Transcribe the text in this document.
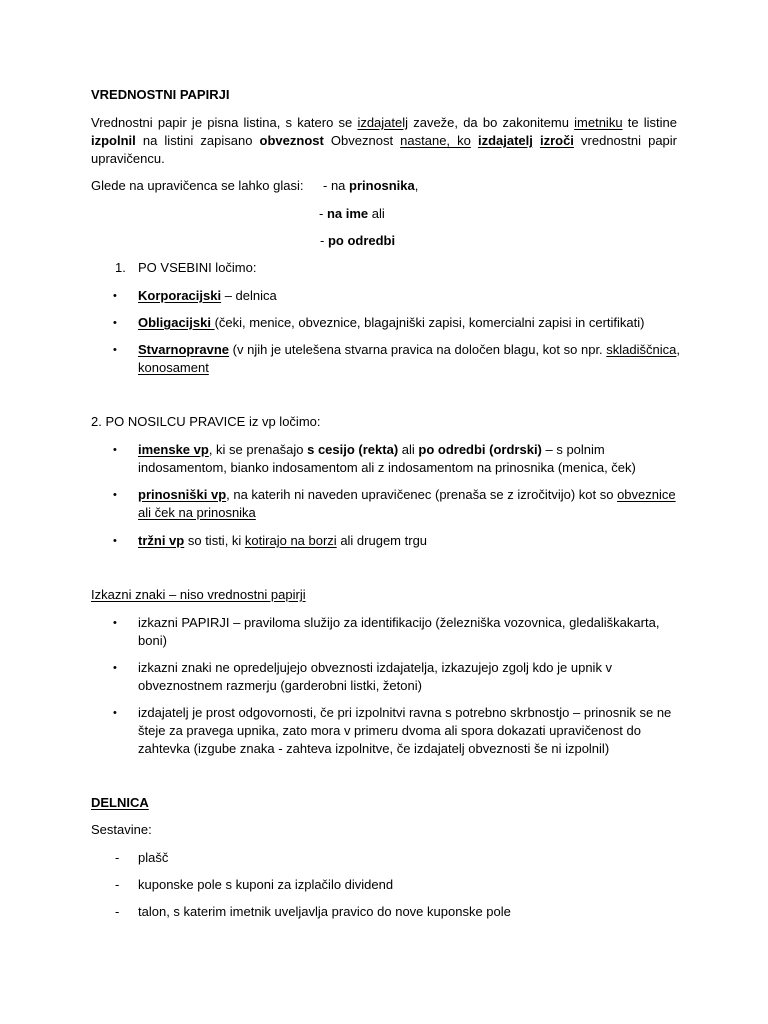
VREDNOSTNI PAPIRJI
Vrednostni papir je pisna listina, s katero se izdajatelj zaveže, da bo zakonitemu imetniku te listine
izpolnil na listini zapisano obveznost Obveznost nastane, ko izdajatelj izroči vrednostni papir
upravičencu.
Glede na upravičenca se lahko glasi: - na prinosnika,
- na ime ali
- po odredbi
1. PO VSEBINI ločimo:
• Korporacijski – delnica
• Obligacijski (čeki, menice, obveznice, blagajniški zapisi, komercialni zapisi in certifikati)
• Stvarnopravne (v njih je utelešena stvarna pravica na določen blagu, kot so npr. skladiščnica,
konosament
2. PO NOSILCU PRAVICE iz vp ločimo:
• imenske vp, ki se prenašajo s cesijo (rekta) ali po odredbi (ordrski) – s polnim
indosamentom, bianko indosamentom ali z indosamentom na prinosnika (menica, ček)
• prinosniški vp, na katerih ni naveden upravičenec (prenaša se z izročitvijo) kot so obveznice
ali ček na prinosnika
• tržni vp so tisti, ki kotirajo na borzi ali drugem trgu
Izkazni znaki – niso vrednostni papirji
• izkazni PAPIRJI – praviloma služijo za identifikacijo (železniška vozovnica, gledališkakarta,
boni)
• izkazni znaki ne opredeljujejo obveznosti izdajatelja, izkazujejo zgolj kdo je upnik v
obveznostnem razmerju (garderobni listki, žetoni)
• izdajatelj je prost odgovornosti, če pri izpolnitvi ravna s potrebno skrbnostjo – prinosnik se ne
šteje za pravega upnika, zato mora v primeru dvoma ali spora dokazati upravičenost do
zahtevka (izgube znaka - zahteva izpolnitve, če izdajatelj obveznosti še ni izpolnil)
DELNICA
Sestavine:
- plašč
- kuponske pole s kuponi za izplačilo dividend
- talon, s katerim imetnik uveljavlja pravico do nove kuponske pole
